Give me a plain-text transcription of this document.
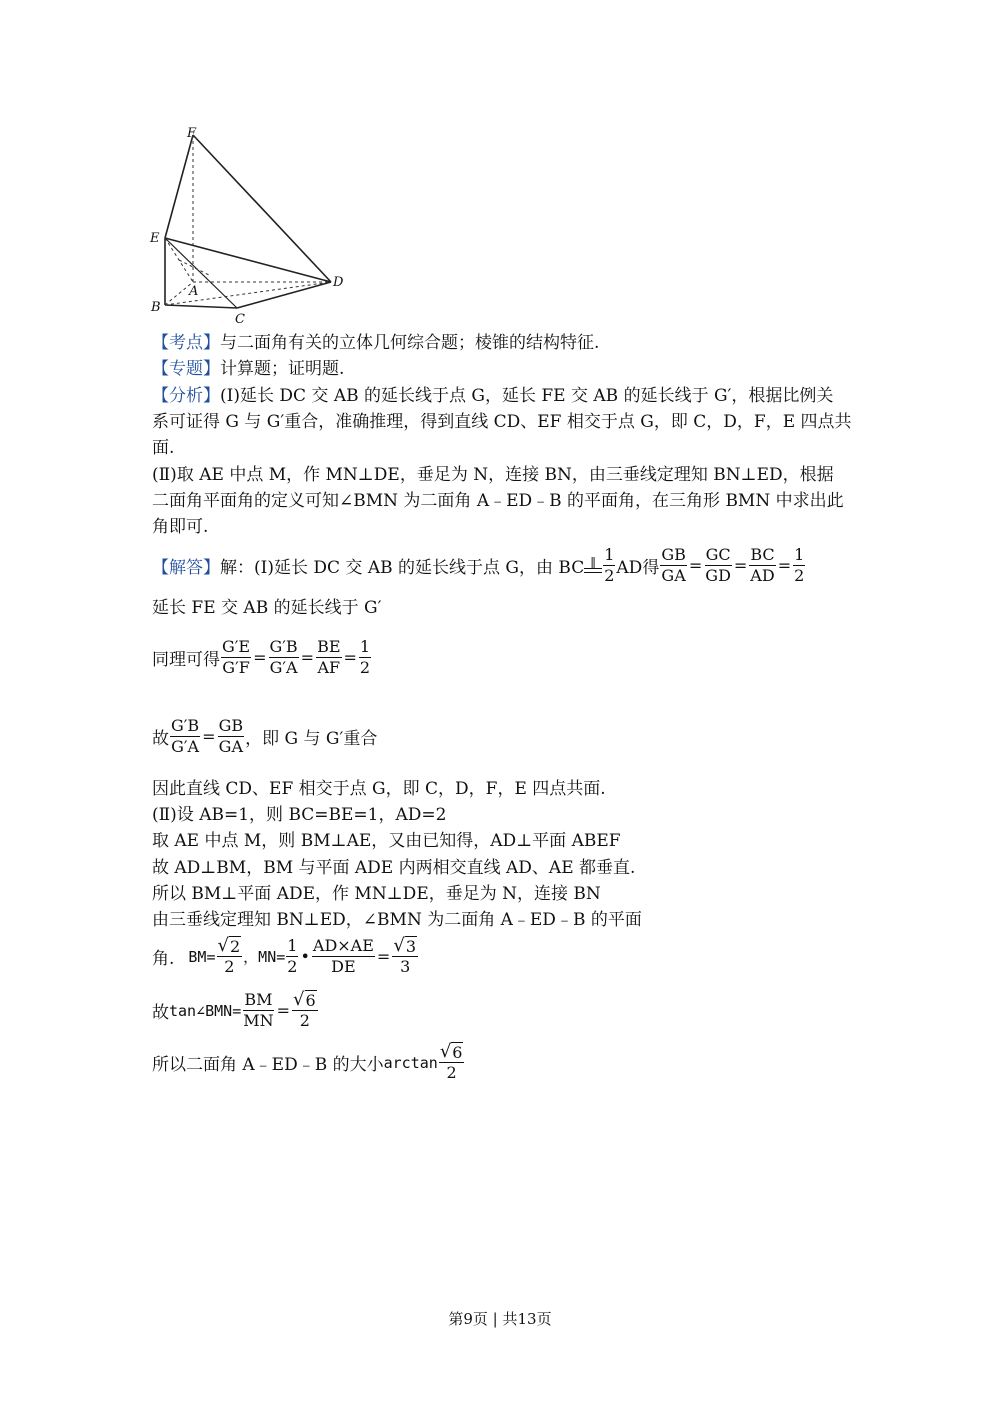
F
E
A
B
C
D
【考点】与二面角有关的立体几何综合题；棱锥的结构特征.
【专题】计算题；证明题.
【分析】(Ⅰ)延长 DC 交 AB 的延长线于点 G，延长 FE 交 AB 的延长线于 G′，根据比例关
系可证得 G 与 G′重合，准确推理，得到直线 CD、EF 相交于点 G，即 C，D，F，E 四点共
面.
(Ⅱ)取 AE 中点 M，作 MN⊥DE，垂足为 N，连接 BN，由三垂线定理知 BN⊥ED，根据
二面角平面角的定义可知∠BMN 为二面角 A﹣ED﹣B 的平面角，在三角形 BMN 中求出此
角即可.
【解答】 解：(Ⅰ)延长 DC 交 AB 的延长线于点 G，由 BC ∥ $\frac{1}{2}$ AD得 $\frac{GB}{GA} = \frac{GC}{GD} = \frac{BC}{AD} = \frac{1}{2}$
延长 FE 交 AB 的延长线于 G′
同理可得 $\frac{G'E}{G'F} = \frac{G'B}{G'A} = \frac{BE}{AF} = \frac{1}{2}$
故 $\frac{G'B}{G'A} = \frac{GB}{GA}$ ，即 G 与 G′重合
因此直线 CD、EF 相交于点 G，即 C，D，F，E 四点共面.
(Ⅱ)设 AB=1，则 BC=BE=1，AD=2
取 AE 中点 M，则 BM⊥AE，又由已知得，AD⊥平面 ABEF
故 AD⊥BM，BM 与平面 ADE 内两相交直线 AD、AE 都垂直.
所以 BM⊥平面 ADE，作 MN⊥DE，垂足为 N，连接 BN
由三垂线定理知 BN⊥ED，∠BMN 为二面角 A﹣ED﹣B 的平面
角. $BM= \frac{√ 2}{2}$ ，$MN= \frac{1}{2}$ • $\frac{AD\times AE}{DE} = \frac{√ 3}{3}$
故 tan ∠BMN= $\frac{BM}{MN} = \frac{√ 6}{2}$
所以二面角 A﹣ED﹣B 的大小 $\arctan \frac{√ 6}{2}$
第9页 | 共13页
